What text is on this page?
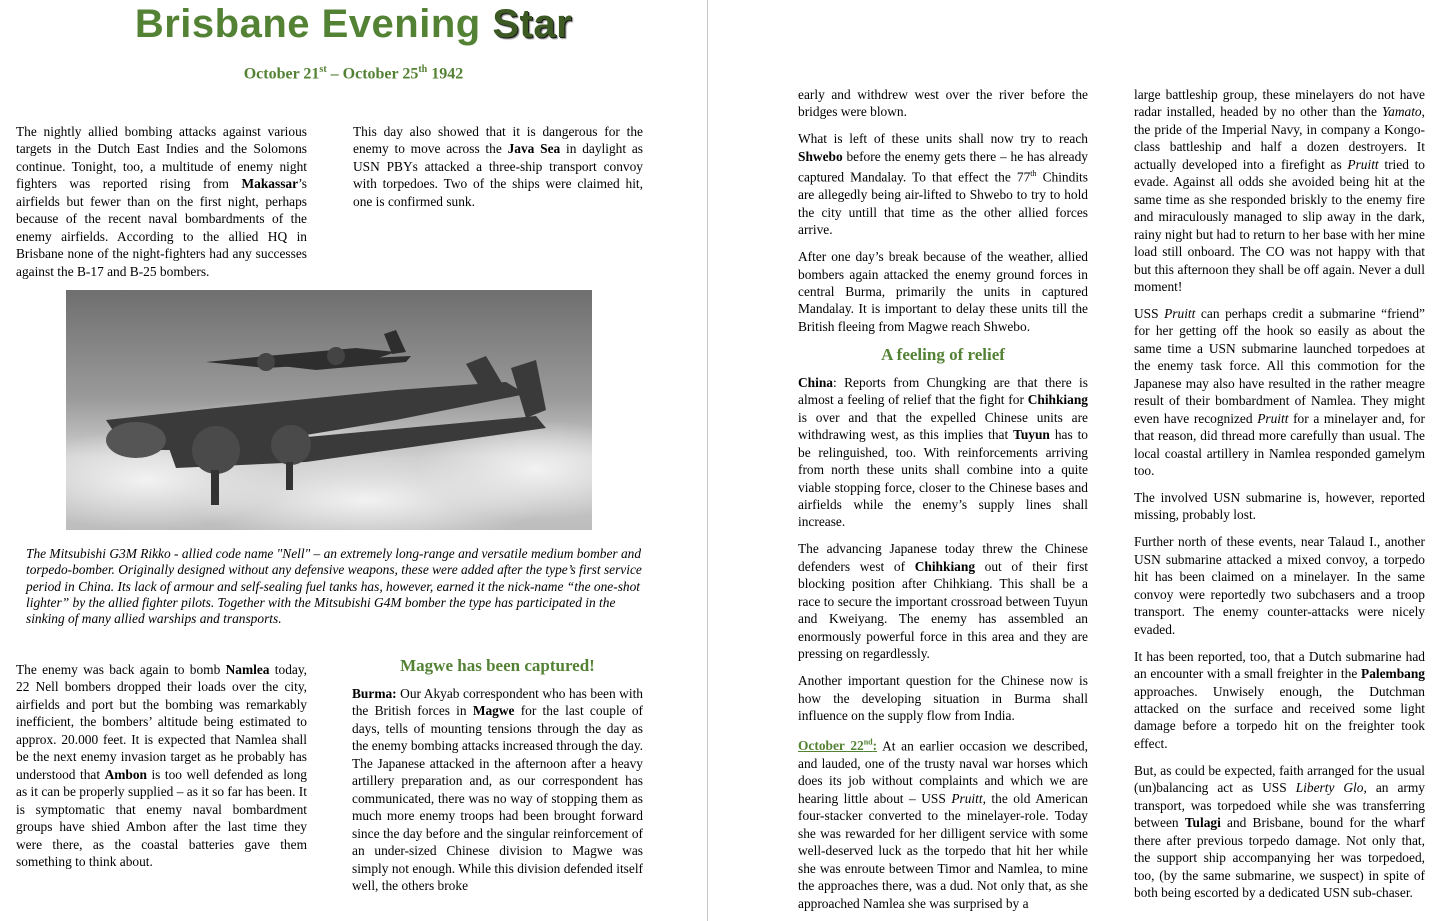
Brisbane Evening Star
October 21st – October 25th 1942

The nightly allied bombing attacks against various targets in the Dutch East Indies and the Solomons continue. Tonight, too, a multitude of enemy night fighters was reported rising from Makassar’s airfields but fewer than on the first night, perhaps because of the recent naval bombardments of the enemy airfields. According to the allied HQ in Brisbane none of the night-fighters had any successes against the B-17 and B-25 bombers.

This day also showed that it is dangerous for the enemy to move across the Java Sea in daylight as USN PBYs attacked a three-ship transport convoy with torpedoes. Two of the ships were claimed hit, one is confirmed sunk.

The Mitsubishi G3M Rikko - allied code name "Nell" – an extremely long-range and versatile medium bomber and torpedo-bomber. Originally designed without any defensive weapons, these were added after the type’s first service period in China. Its lack of armour and self-sealing fuel tanks has, however, earned it the nick-name “the one-shot lighter” by the allied fighter pilots. Together with the Mitsubishi G4M bomber the type has participated in the sinking of many allied warships and transports.

The enemy was back again to bomb Namlea today, 22 Nell bombers dropped their loads over the city, airfields and port but the bombing was remarkably inefficient, the bombers’ altitude being estimated to approx. 20.000 feet. It is expected that Namlea shall be the next enemy invasion target as he probably has understood that Ambon is too well defended as long as it can be properly supplied – as it so far has been. It is symptomatic that enemy naval bombardment groups have shied Ambon after the last time they were there, as the coastal batteries gave them something to think about.

Magwe has been captured!

Burma: Our Akyab correspondent who has been with the British forces in Magwe for the last couple of days, tells of mounting tensions through the day as the enemy bombing attacks increased through the day. The Japanese attacked in the afternoon after a heavy artillery preparation and, as our correspondent has communicated, there was no way of stopping them as much more enemy troops had been brought forward since the day before and the singular reinforcement of an under-sized Chinese division to Magwe was simply not enough. While this division defended itself well, the others broke

early and withdrew west over the river before the bridges were blown.

What is left of these units shall now try to reach Shwebo before the enemy gets there – he has already captured Mandalay. To that effect the 77th Chindits are allegedly being air-lifted to Shwebo to try to hold the city untill that time as the other allied forces arrive.

After one day’s break because of the weather, allied bombers again attacked the enemy ground forces in central Burma, primarily the units in captured Mandalay. It is important to delay these units till the British fleeing from Magwe reach Shwebo.

A feeling of relief

China: Reports from Chungking are that there is almost a feeling of relief that the fight for Chihkiang is over and that the expelled Chinese units are withdrawing west, as this implies that Tuyun has to be relinguished, too. With reinforcements arriving from north these units shall combine into a quite viable stopping force, closer to the Chinese bases and airfields while the enemy’s supply lines shall increase.

The advancing Japanese today threw the Chinese defenders west of Chihkiang out of their first blocking position after Chihkiang. This shall be a race to secure the important crossroad between Tuyun and Kweiyang. The enemy has assembled an enormously powerful force in this area and they are pressing on regardlessly.

Another important question for the Chinese now is how the developing situation in Burma shall influence on the supply flow from India.

October 22nd: At an earlier occasion we described, and lauded, one of the trusty naval war horses which does its job without complaints and which we are hearing little about – USS Pruitt, the old American four-stacker converted to the minelayer-role. Today she was rewarded for her dilligent service with some well-deserved luck as the torpedo that hit her while she was enroute between Timor and Namlea, to mine the approaches there, was a dud. Not only that, as she approached Namlea she was surprised by a

large battleship group, these minelayers do not have radar installed, headed by no other than the Yamato, the pride of the Imperial Navy, in company a Kongo-class battleship and half a dozen destroyers. It actually developed into a firefight as Pruitt tried to evade. Against all odds she avoided being hit at the same time as she responded briskly to the enemy fire and miraculously managed to slip away in the dark, rainy night but had to return to her base with her mine load still onboard. The CO was not happy with that but this afternoon they shall be off again. Never a dull moment!

USS Pruitt can perhaps credit a submarine “friend” for her getting off the hook so easily as about the same time a USN submarine launched torpedoes at the enemy task force. All this commotion for the Japanese may also have resulted in the rather meagre result of their bombardment of Namlea. They might even have recognized Pruitt for a minelayer and, for that reason, did thread more carefully than usual. The local coastal artillery in Namlea responded gamelym too.

The involved USN submarine is, however, reported missing, probably lost.

Further north of these events, near Talaud I., another USN submarine attacked a mixed convoy, a torpedo hit has been claimed on a minelayer. In the same convoy were reportedly two subchasers and a troop transport. The enemy counter-attacks were nicely evaded.

It has been reported, too, that a Dutch submarine had an encounter with a small freighter in the Palembang approaches. Unwisely enough, the Dutchman attacked on the surface and received some light damage before a torpedo hit on the freighter took effect.

But, as could be expected, faith arranged for the usual (un)balancing act as USS Liberty Glo, an army transport, was torpedoed while she was transferring between Tulagi and Brisbane, bound for the wharf there after previous torpedo damage. Not only that, the support ship accompanying her was torpedoed, too, (by the same submarine, we suspect) in spite of both being escorted by a dedicated USN sub-chaser.
